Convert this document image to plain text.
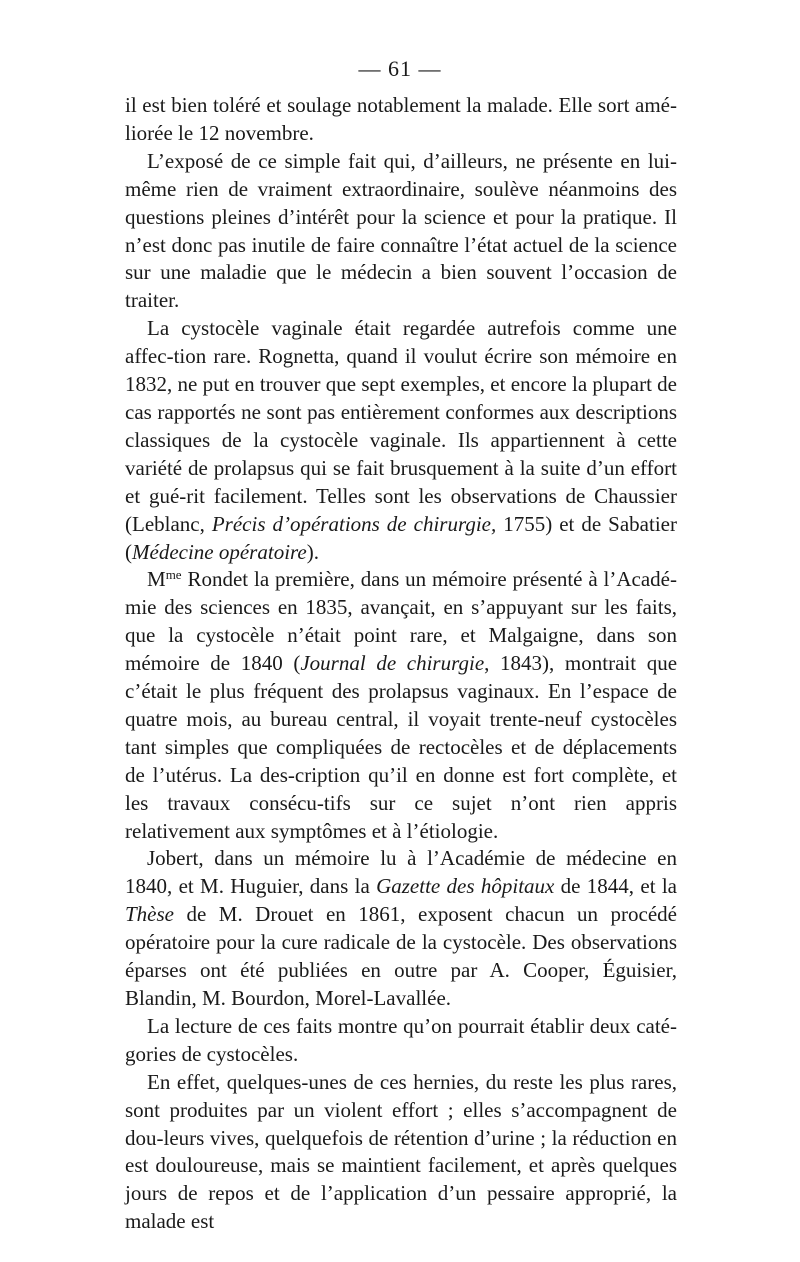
— 61 —

il est bien toléré et soulage notablement la malade. Elle sort amé-liorée le 12 novembre.

L’exposé de ce simple fait qui, d’ailleurs, ne présente en lui-même rien de vraiment extraordinaire, soulève néanmoins des questions pleines d’intérêt pour la science et pour la pratique. Il n’est donc pas inutile de faire connaître l’état actuel de la science sur une maladie que le médecin a bien souvent l’occasion de traiter.

La cystocèle vaginale était regardée autrefois comme une affec-tion rare. Rognetta, quand il voulut écrire son mémoire en 1832, ne put en trouver que sept exemples, et encore la plupart de cas rapportés ne sont pas entièrement conformes aux descriptions classiques de la cystocèle vaginale. Ils appartiennent à cette variété de prolapsus qui se fait brusquement à la suite d’un effort et gué-rit facilement. Telles sont les observations de Chaussier (Leblanc, Précis d’opérations de chirurgie, 1755) et de Sabatier (Médecine opératoire).

$M^{me}$ Rondet la première, dans un mémoire présenté à l’Acadé-mie des sciences en 1835, avançait, en s’appuyant sur les faits, que la cystocèle n’était point rare, et Malgaigne, dans son mémoire de 1840 (Journal de chirurgie, 1843), montrait que c’était le plus fréquent des prolapsus vaginaux. En l’espace de quatre mois, au bureau central, il voyait trente-neuf cystocèles tant simples que compliquées de rectocèles et de déplacements de l’utérus. La des-cription qu’il en donne est fort complète, et les travaux consécu-tifs sur ce sujet n’ont rien appris relativement aux symptômes et à l’étiologie.

Jobert, dans un mémoire lu à l’Académie de médecine en 1840, et M. Huguier, dans la Gazette des hôpitaux de 1844, et la Thèse de M. Drouet en 1861, exposent chacun un procédé opératoire pour la cure radicale de la cystocèle. Des observations éparses ont été publiées en outre par A. Cooper, Éguisier, Blandin, M. Bourdon, Morel-Lavallée.

La lecture de ces faits montre qu’on pourrait établir deux caté-gories de cystocèles.

En effet, quelques-unes de ces hernies, du reste les plus rares, sont produites par un violent effort ; elles s’accompagnent de dou-leurs vives, quelquefois de rétention d’urine ; la réduction en est douloureuse, mais se maintient facilement, et après quelques jours de repos et de l’application d’un pessaire approprié, la malade est
